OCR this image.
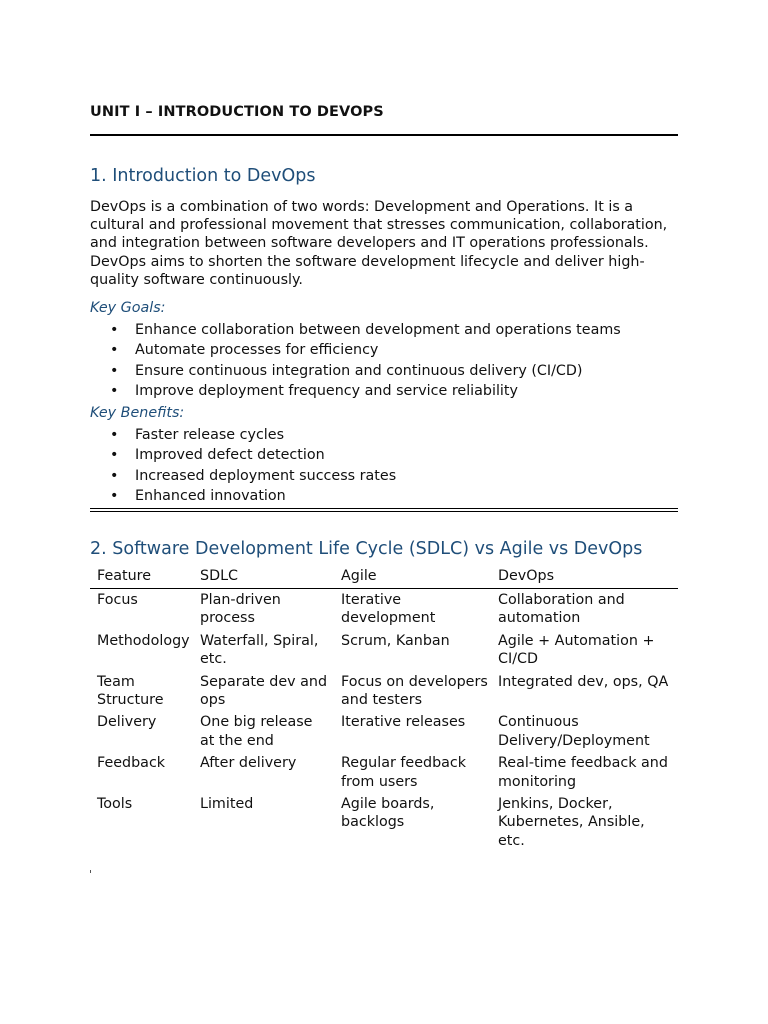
UNIT I – INTRODUCTION TO DEVOPS
1. Introduction to DevOps

DevOps is a combination of two words: Development and Operations. It is a cultural and professional movement that stresses communication, collaboration, and integration between software developers and IT operations professionals. DevOps aims to shorten the software development lifecycle and deliver high-quality software continuously.

Key Goals:

• Enhance collaboration between development and operations teams
• Automate processes for efficiency
• Ensure continuous integration and continuous delivery (CI/CD)
• Improve deployment frequency and service reliability

Key Benefits:

• Faster release cycles
• Improved defect detection
• Increased deployment success rates
• Enhanced innovation
2. Software Development Life Cycle (SDLC) vs Agile vs DevOps
Feature	SDLC	Agile	DevOps
Focus	Plan-driven process	Iterative development	Collaboration and automation
Methodology	Waterfall, Spiral, etc.	Scrum, Kanban	Agile + Automation + CI/CD
Team Structure	Separate dev and ops	Focus on developers and testers	Integrated dev, ops, QA
Delivery	One big release at the end	Iterative releases	Continuous Delivery/Deployment
Feedback	After delivery	Regular feedback from users	Real-time feedback and monitoring
Tools	Limited	Agile boards, backlogs	Jenkins, Docker, Kubernetes, Ansible, etc.
